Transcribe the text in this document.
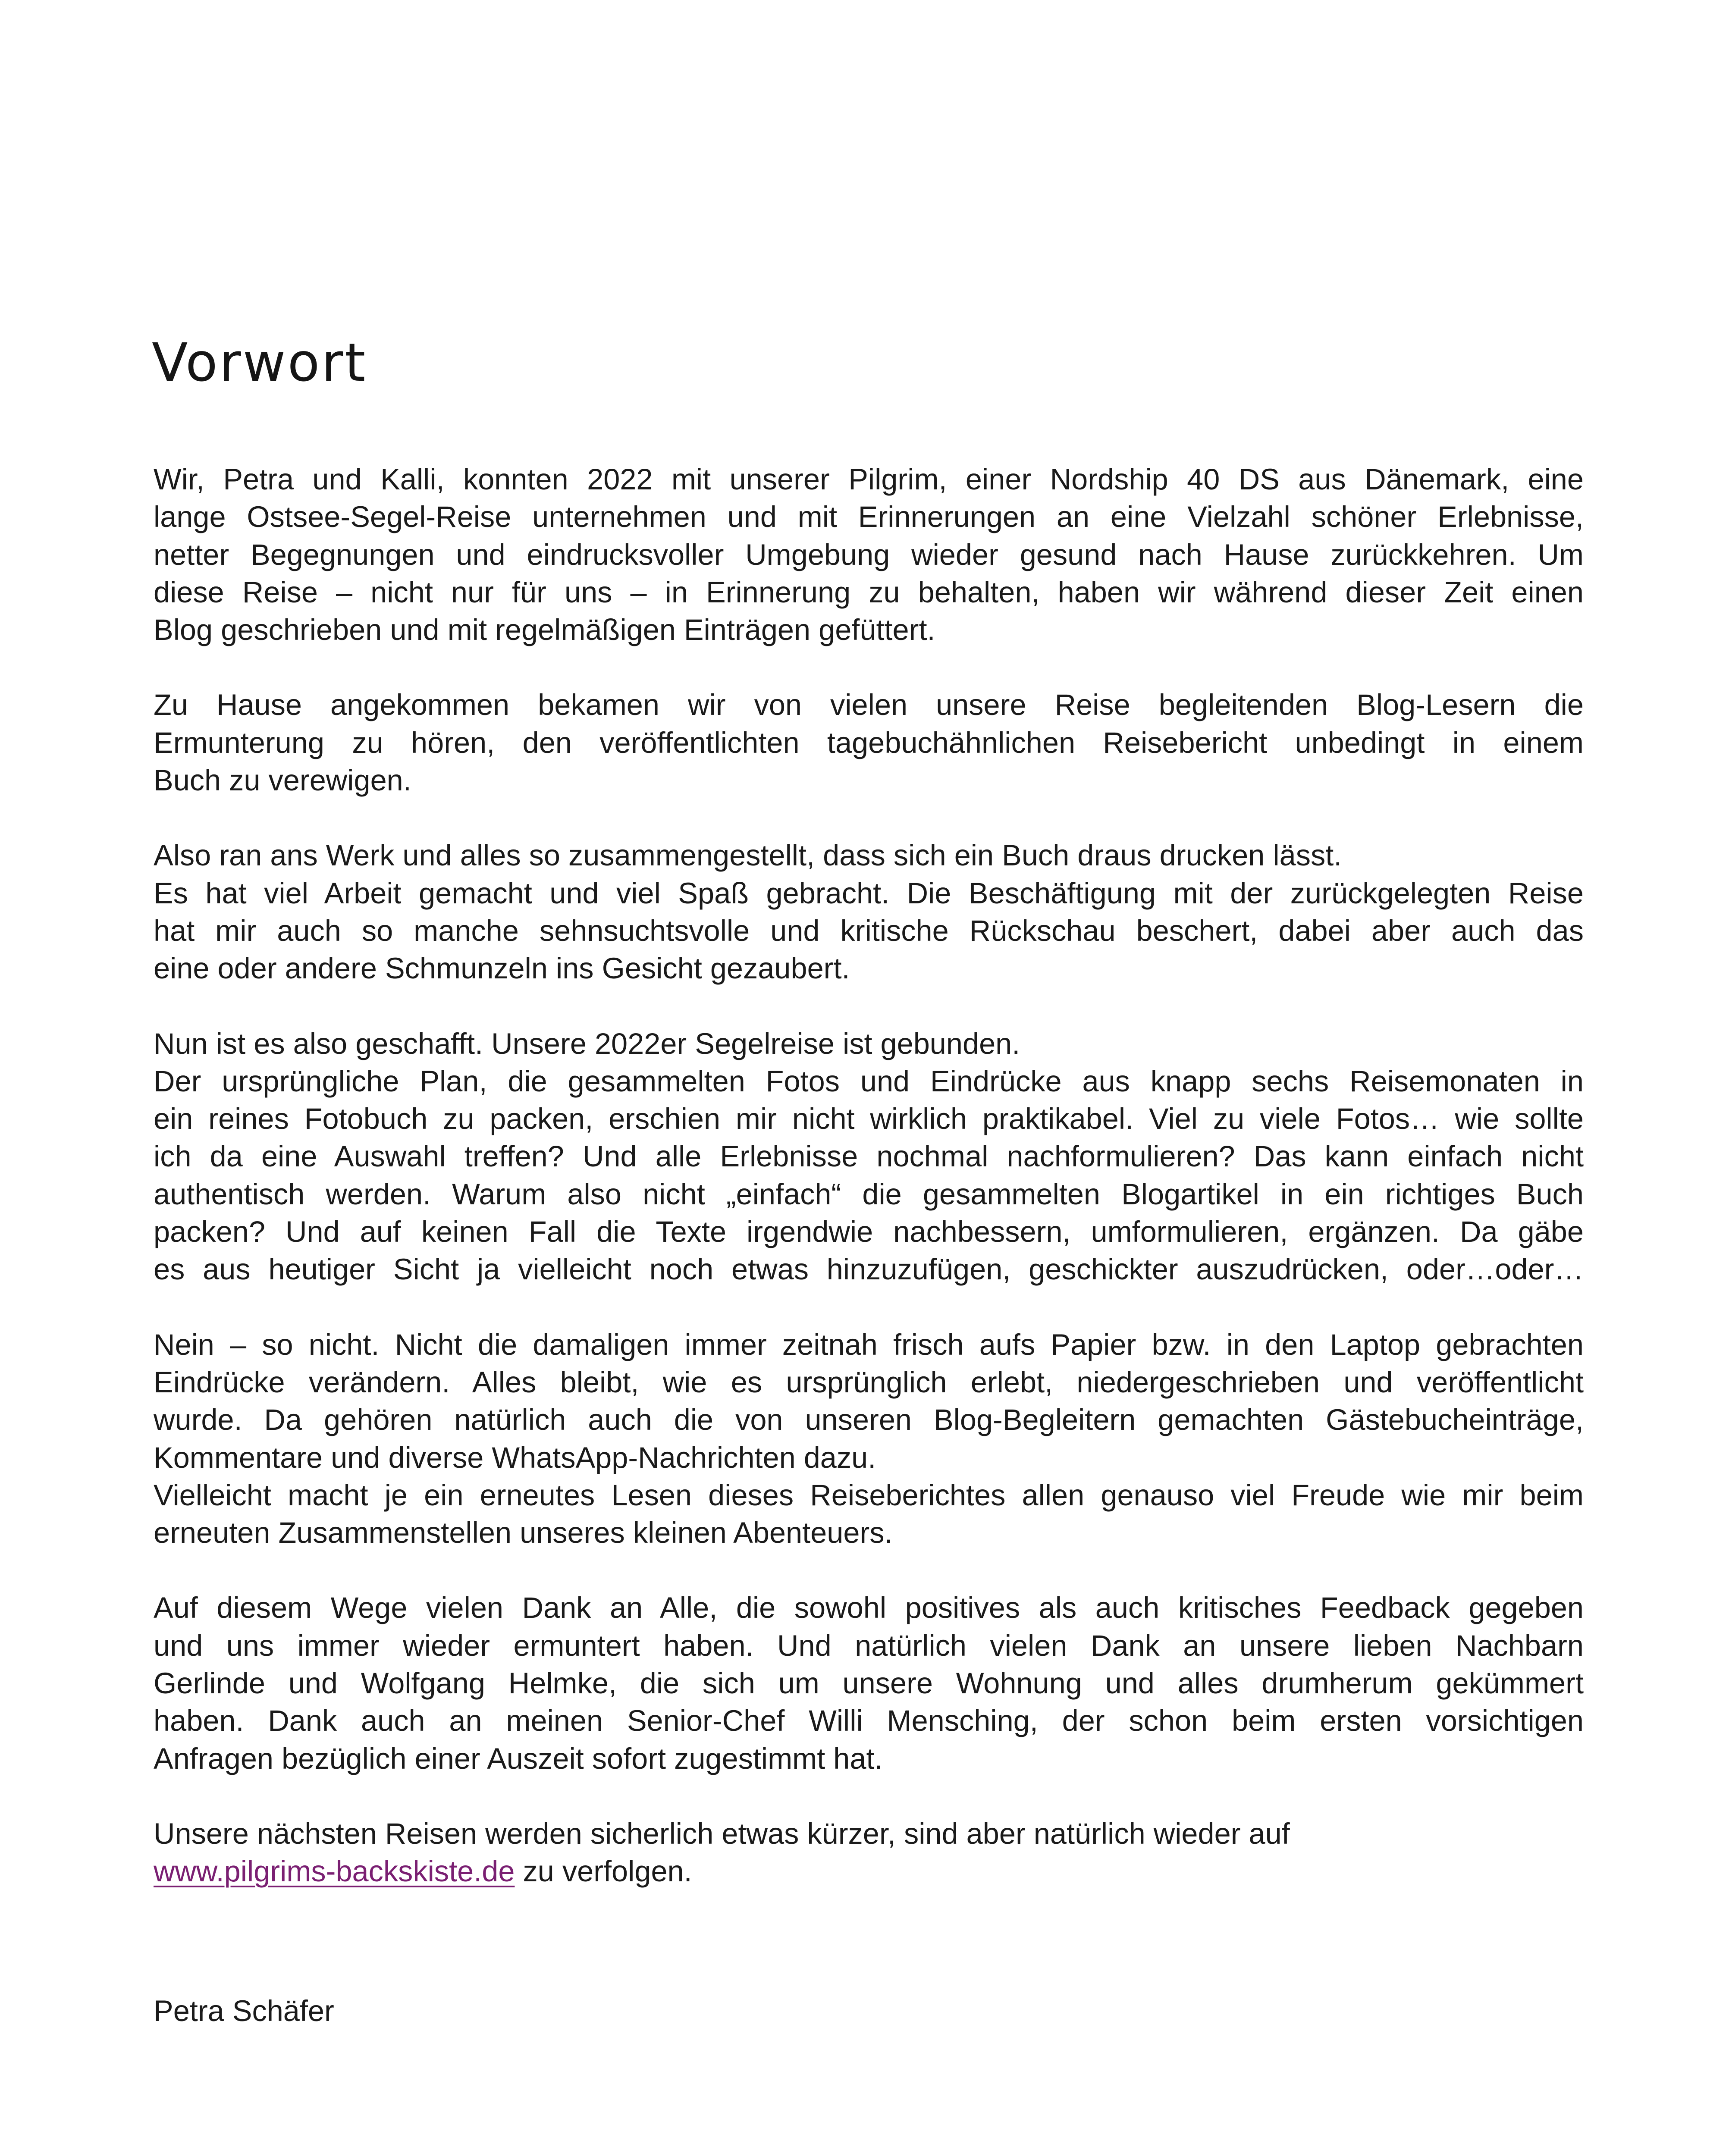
Vorwort

Wir, Petra und Kalli, konnten 2022 mit unserer Pilgrim, einer Nordship 40 DS aus Dänemark, eine
lange Ostsee-Segel-Reise unternehmen und mit Erinnerungen an eine Vielzahl schöner Erlebnisse,
netter Begegnungen und eindrucksvoller Umgebung wieder gesund nach Hause zurückkehren. Um
diese Reise – nicht nur für uns – in Erinnerung zu behalten, haben wir während dieser Zeit einen
Blog geschrieben und mit regelmäßigen Einträgen gefüttert.

Zu Hause angekommen bekamen wir von vielen unsere Reise begleitenden Blog-Lesern die
Ermunterung zu hören, den veröffentlichten tagebuchähnlichen Reisebericht unbedingt in einem
Buch zu verewigen.

Also ran ans Werk und alles so zusammengestellt, dass sich ein Buch draus drucken lässt.
Es hat viel Arbeit gemacht und viel Spaß gebracht. Die Beschäftigung mit der zurückgelegten Reise
hat mir auch so manche sehnsuchtsvolle und kritische Rückschau beschert, dabei aber auch das
eine oder andere Schmunzeln ins Gesicht gezaubert.

Nun ist es also geschafft. Unsere 2022er Segelreise ist gebunden.
Der ursprüngliche Plan, die gesammelten Fotos und Eindrücke aus knapp sechs Reisemonaten in
ein reines Fotobuch zu packen, erschien mir nicht wirklich praktikabel. Viel zu viele Fotos… wie sollte
ich da eine Auswahl treffen? Und alle Erlebnisse nochmal nachformulieren? Das kann einfach nicht
authentisch werden. Warum also nicht „einfach“ die gesammelten Blogartikel in ein richtiges Buch
packen? Und auf keinen Fall die Texte irgendwie nachbessern, umformulieren, ergänzen. Da gäbe
es aus heutiger Sicht ja vielleicht noch etwas hinzuzufügen, geschickter auszudrücken, oder…oder…

Nein – so nicht. Nicht die damaligen immer zeitnah frisch aufs Papier bzw. in den Laptop gebrachten
Eindrücke verändern. Alles bleibt, wie es ursprünglich erlebt, niedergeschrieben und veröffentlicht
wurde. Da gehören natürlich auch die von unseren Blog-Begleitern gemachten Gästebucheinträge,
Kommentare und diverse WhatsApp-Nachrichten dazu.
Vielleicht macht je ein erneutes Lesen dieses Reiseberichtes allen genauso viel Freude wie mir beim
erneuten Zusammenstellen unseres kleinen Abenteuers.

Auf diesem Wege vielen Dank an Alle, die sowohl positives als auch kritisches Feedback gegeben
und uns immer wieder ermuntert haben. Und natürlich vielen Dank an unsere lieben Nachbarn
Gerlinde und Wolfgang Helmke, die sich um unsere Wohnung und alles drumherum gekümmert
haben. Dank auch an meinen Senior-Chef Willi Mensching, der schon beim ersten vorsichtigen
Anfragen bezüglich einer Auszeit sofort zugestimmt hat.

Unsere nächsten Reisen werden sicherlich etwas kürzer, sind aber natürlich wieder auf
www.pilgrims-backskiste.de zu verfolgen.

Petra Schäfer
